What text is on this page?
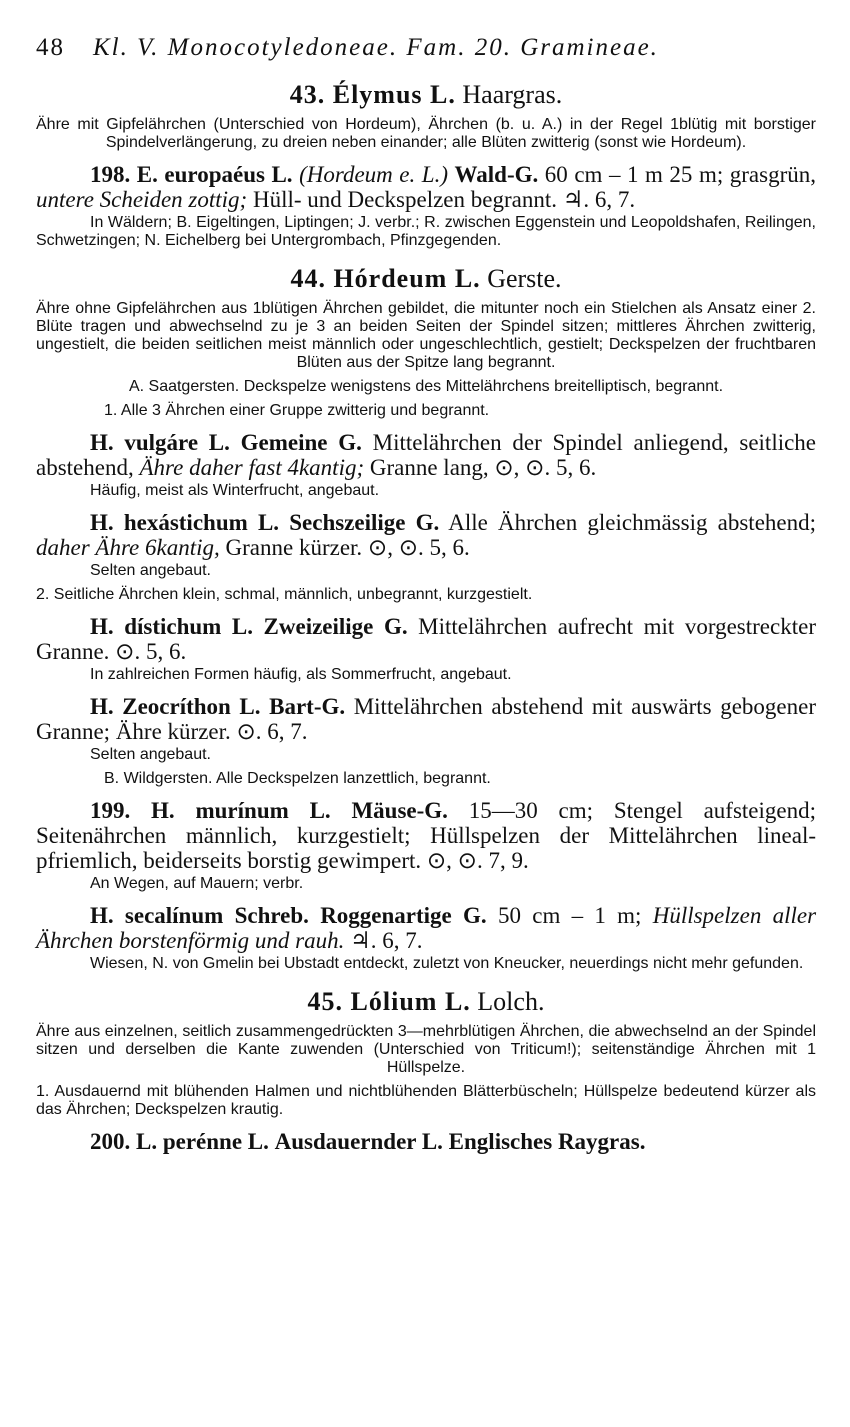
48 Kl. V. Monocotyledoneae. Fam. 20. Gramineae.
43. Élymus L. Haargras.

Ähre mit Gipfelährchen (Unterschied von Hordeum), Ährchen (b. u. A.) in der Regel 1blütig mit borstiger Spindelverlängerung, zu dreien neben einander; alle Blüten zwitterig (sonst wie Hordeum).

198. E. europaéus L. (Hordeum e. L.) Wald-G. 60 cm – 1 m 25 m; grasgrün, untere Scheiden zottig; Hüll- und Deckspelzen begrannt. ♃. 6, 7.

In Wäldern; B. Eigeltingen, Liptingen; J. verbr.; R. zwischen Eggenstein und Leopoldshafen, Reilingen, Schwetzingen; N. Eichelberg bei Untergrombach, Pfinzgegenden.

44. Hórdeum L. Gerste.

Ähre ohne Gipfelährchen aus 1blütigen Ährchen gebildet, die mitunter noch ein Stielchen als Ansatz einer 2. Blüte tragen und abwechselnd zu je 3 an beiden Seiten der Spindel sitzen; mittleres Ährchen zwitterig, ungestielt, die beiden seitlichen meist männlich oder ungeschlechtlich, gestielt; Deckspelzen der fruchtbaren Blüten aus der Spitze lang begrannt.

A. Saatgersten. Deckspelze wenigstens des Mittelährchens breitelliptisch, begrannt.

1. Alle 3 Ährchen einer Gruppe zwitterig und begrannt.

H. vulgáre L. Gemeine G. Mittelährchen der Spindel anliegend, seitliche abstehend, Ähre daher fast 4kantig; Granne lang, ⊙, ⊙. 5, 6.

Häufig, meist als Winterfrucht, angebaut.

H. hexástichum L. Sechszeilige G. Alle Ährchen gleichmässig abstehend; daher Ähre 6kantig, Granne kürzer. ⊙, ⊙. 5, 6.

Selten angebaut.

2. Seitliche Ährchen klein, schmal, männlich, unbegrannt, kurzgestielt.

H. dístichum L. Zweizeilige G. Mittelährchen aufrecht mit vorgestreckter Granne. ⊙. 5, 6.

In zahlreichen Formen häufig, als Sommerfrucht, angebaut.

H. Zeocríthon L. Bart-G. Mittelährchen abstehend mit auswärts gebogener Granne; Ähre kürzer. ⊙. 6, 7.

Selten angebaut.

B. Wildgersten. Alle Deckspelzen lanzettlich, begrannt.

199. H. murínum L. Mäuse-G. 15—30 cm; Stengel aufsteigend; Seitenährchen männlich, kurzgestielt; Hüllspelzen der Mittelährchen lineal-pfriemlich, beiderseits borstig gewimpert. ⊙, ⊙. 7, 9.

An Wegen, auf Mauern; verbr.

H. secalínum Schreb. Roggenartige G. 50 cm – 1 m; Hüllspelzen aller Ährchen borstenförmig und rauh. ♃. 6, 7.

Wiesen, N. von Gmelin bei Ubstadt entdeckt, zuletzt von Kneucker, neuerdings nicht mehr gefunden.

45. Lólium L. Lolch.

Ähre aus einzelnen, seitlich zusammengedrückten 3—mehrblütigen Ährchen, die abwechselnd an der Spindel sitzen und derselben die Kante zuwenden (Unterschied von Triticum!); seitenständige Ährchen mit 1 Hüllspelze.

1. Ausdauernd mit blühenden Halmen und nichtblühenden Blätterbüscheln; Hüllspelze bedeutend kürzer als das Ährchen; Deckspelzen krautig.

200. L. perénne L. Ausdauernder L. Englisches Raygras.
